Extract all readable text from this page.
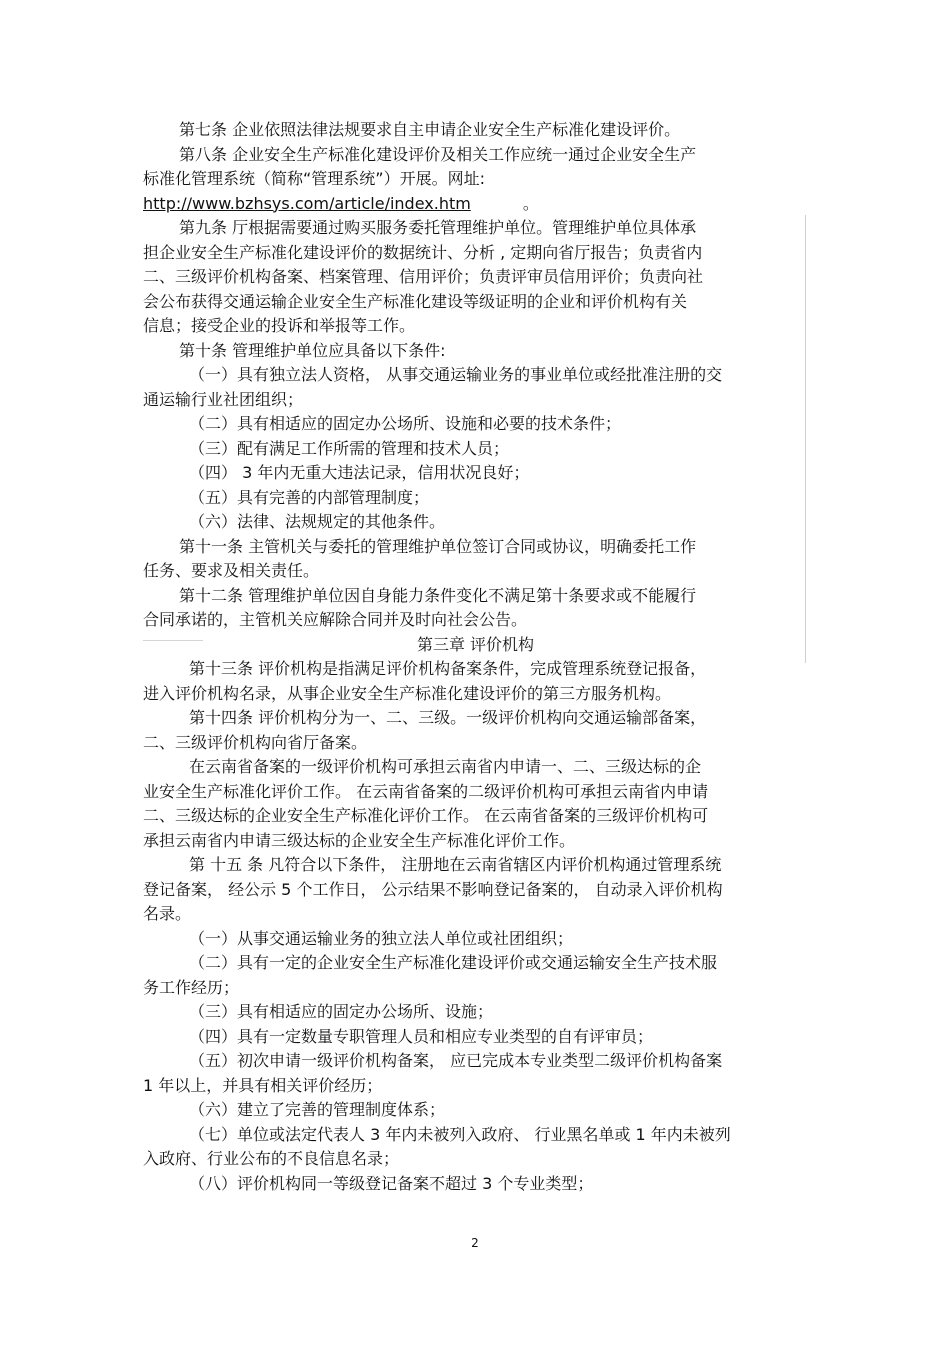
第七条 企业依照法律法规要求自主申请企业安全生产标准化建设评价。

第八条 企业安全生产标准化建设评价及相关工作应统一通过企业安全生产

标准化管理系统（简称“管理系统”）开展。网址:

http://www.bzhsys.com/article/index.htm	。

第九条 厅根据需要通过购买服务委托管理维护单位。管理维护单位具体承

担企业安全生产标准化建设评价的数据统计、分析 , 定期向省厅报告；负责省内

二、三级评价机构备案、档案管理、信用评价；负责评审员信用评价；负责向社

会公布获得交通运输企业安全生产标准化建设等级证明的企业和评价机构有关

信息；接受企业的投诉和举报等工作。

第十条 管理维护单位应具备以下条件:

（一）具有独立法人资格， 从事交通运输业务的事业单位或经批准注册的交

通运输行业社团组织；

（二）具有相适应的固定办公场所、设施和必要的技术条件；

（三）配有满足工作所需的管理和技术人员；

（四） 3 年内无重大违法记录，信用状况良好；

（五）具有完善的内部管理制度；

（六）法律、法规规定的其他条件。

第十一条 主管机关与委托的管理维护单位签订合同或协议，明确委托工作

任务、要求及相关责任。

第十二条 管理维护单位因自身能力条件变化不满足第十条要求或不能履行

合同承诺的，主管机关应解除合同并及时向社会公告。

第三章 评价机构

第十三条 评价机构是指满足评价机构备案条件，完成管理系统登记报备，

进入评价机构名录，从事企业安全生产标准化建设评价的第三方服务机构。

第十四条 评价机构分为一、二、三级。一级评价机构向交通运输部备案，

二、三级评价机构向省厅备案。

在云南省备案的一级评价机构可承担云南省内申请一、二、三级达标的企

业安全生产标准化评价工作。 在云南省备案的二级评价机构可承担云南省内申请

二、三级达标的企业安全生产标准化评价工作。 在云南省备案的三级评价机构可

承担云南省内申请三级达标的企业安全生产标准化评价工作。

第 十五 条 凡符合以下条件， 注册地在云南省辖区内评价机构通过管理系统

登记备案， 经公示 5 个工作日， 公示结果不影响登记备案的， 自动录入评价机构

名录。

（一）从事交通运输业务的独立法人单位或社团组织；

（二）具有一定的企业安全生产标准化建设评价或交通运输安全生产技术服

务工作经历；

（三）具有相适应的固定办公场所、设施；

（四）具有一定数量专职管理人员和相应专业类型的自有评审员；

（五）初次申请一级评价机构备案， 应已完成本专业类型二级评价机构备案

1 年以上，并具有相关评价经历；

（六）建立了完善的管理制度体系；

（七）单位或法定代表人 3 年内未被列入政府、 行业黑名单或 1 年内未被列

入政府、行业公布的不良信息名录；

（八）评价机构同一等级登记备案不超过 3 个专业类型；

2
